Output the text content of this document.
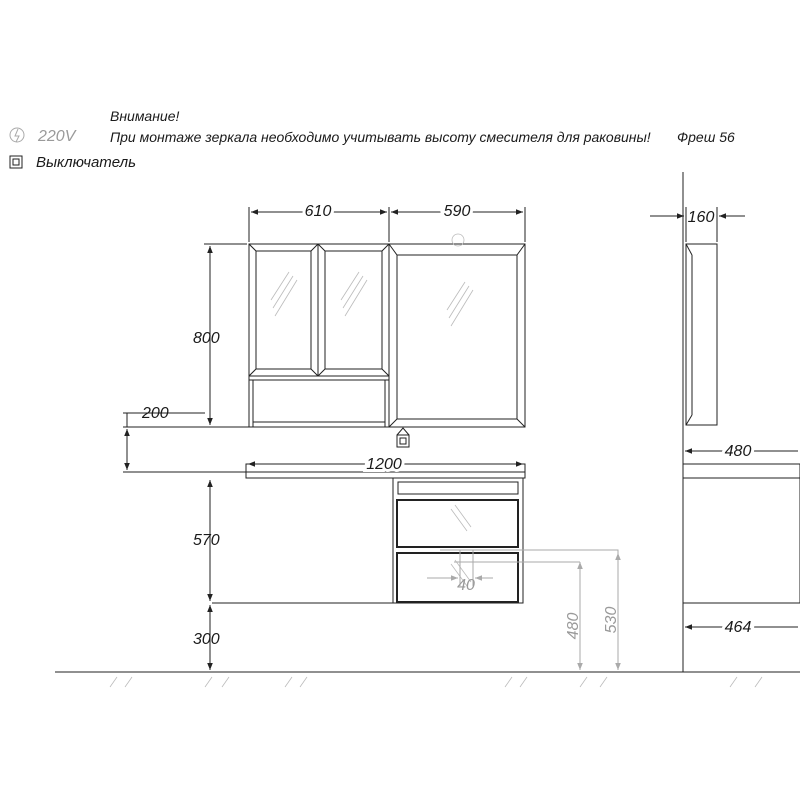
Внимание!
При монтаже зеркала необходимо учитывать высоту смесителя для раковины! Фреш 56
220V
Выключатель
610	590
800
200
1200
570
300
40
480 530
160
480
464
